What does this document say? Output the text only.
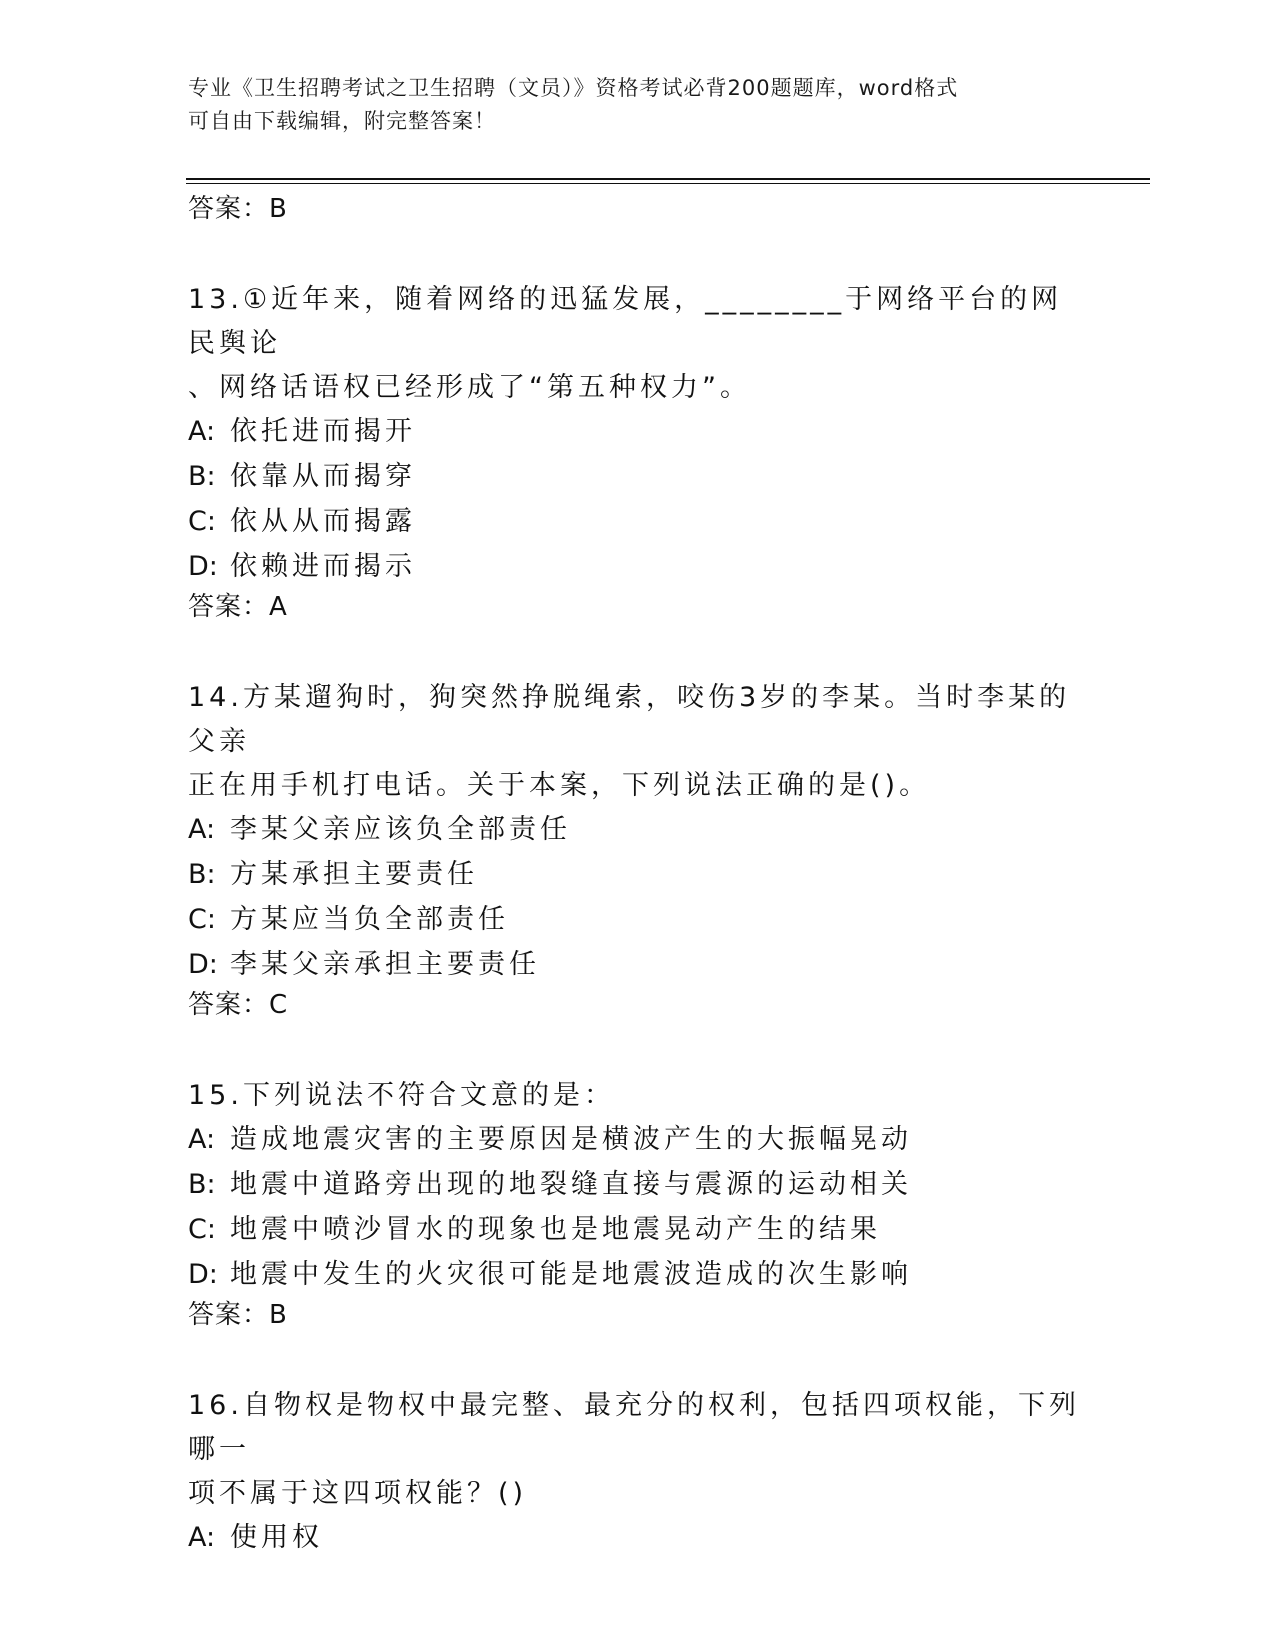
专业《卫生招聘考试之卫生招聘（文员）》资格考试必背200题题库，word格式
可自由下载编辑，附完整答案！

答案：B

13.①近年来，随着网络的迅猛发展，________于网络平台的网民舆论

、网络话语权已经形成了“第五种权力”。

A: 依托进而揭开

B: 依靠从而揭穿

C: 依从从而揭露

D: 依赖进而揭示

答案：A

14.方某遛狗时，狗突然挣脱绳索，咬伤3岁的李某。当时李某的父亲

正在用手机打电话。关于本案，下列说法正确的是()。

A: 李某父亲应该负全部责任

B: 方某承担主要责任

C: 方某应当负全部责任

D: 李某父亲承担主要责任

答案：C

15.下列说法不符合文意的是：

A: 造成地震灾害的主要原因是横波产生的大振幅晃动

B: 地震中道路旁出现的地裂缝直接与震源的运动相关

C: 地震中喷沙冒水的现象也是地震晃动产生的结果

D: 地震中发生的火灾很可能是地震波造成的次生影响

答案：B

16.自物权是物权中最完整、最充分的权利，包括四项权能，下列哪一

项不属于这四项权能？()

A: 使用权
